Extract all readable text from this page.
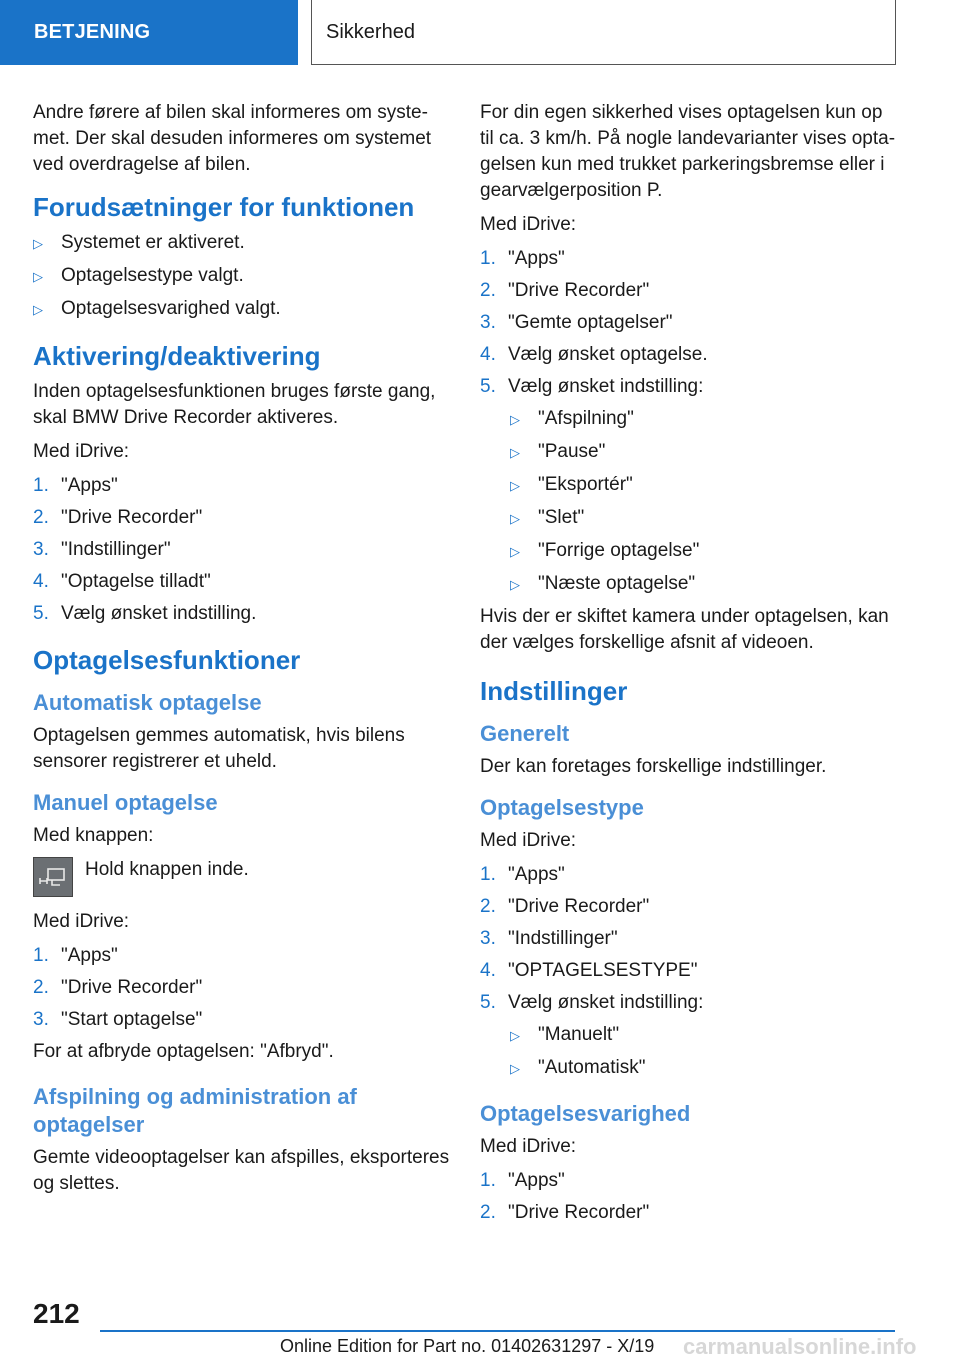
BETJENING	Sikkerhed

Andre førere af bilen skal informeres om syste-met. Der skal desuden informeres om systemet ved overdragelse af bilen.

Forudsætninger for funktionen
▷ Systemet er aktiveret.
▷ Optagelsestype valgt.
▷ Optagelsesvarighed valgt.
Aktivering/deaktivering

Inden optagelsesfunktionen bruges første gang, skal BMW Drive Recorder aktiveres.

Med iDrive:

1. "Apps"
2. "Drive Recorder"
3. "Indstillinger"
4. "Optagelse tilladt"
5. Vælg ønsket indstilling.
Optagelsesfunktioner
Automatisk optagelse

Optagelsen gemmes automatisk, hvis bilens sensorer registrerer et uheld.

Manuel optagelse

Med knappen:

Hold knappen inde.

Med iDrive:

1. "Apps"
2. "Drive Recorder"
3. "Start optagelse"

For at afbryde optagelsen: "Afbryd".

Afspilning og administration af optagelser

Gemte videooptagelser kan afspilles, eksporteres og slettes.

For din egen sikkerhed vises optagelsen kun op til ca. 3 km/h. På nogle landevarianter vises opta-gelsen kun med trukket parkeringsbremse eller i gearvælgerposition P.

Med iDrive:

1. "Apps"
2. "Drive Recorder"
3. "Gemte optagelser"
4. Vælg ønsket optagelse.
5. Vælg ønsket indstilling:
▷ "Afspilning"
▷ "Pause"
▷ "Eksportér"
▷ "Slet"
▷ "Forrige optagelse"
▷ "Næste optagelse"

Hvis der er skiftet kamera under optagelsen, kan der vælges forskellige afsnit af videoen.

Indstillinger
Generelt

Der kan foretages forskellige indstillinger.

Optagelsestype

Med iDrive:

1. "Apps"
2. "Drive Recorder"
3. "Indstillinger"
4. "OPTAGELSESTYPE"
5. Vælg ønsket indstilling:
▷ "Manuelt"
▷ "Automatisk"
Optagelsesvarighed

Med iDrive:

1. "Apps"
2. "Drive Recorder"
212
Online Edition for Part no. 01402631297 - X/19 carmanualsonline.info
